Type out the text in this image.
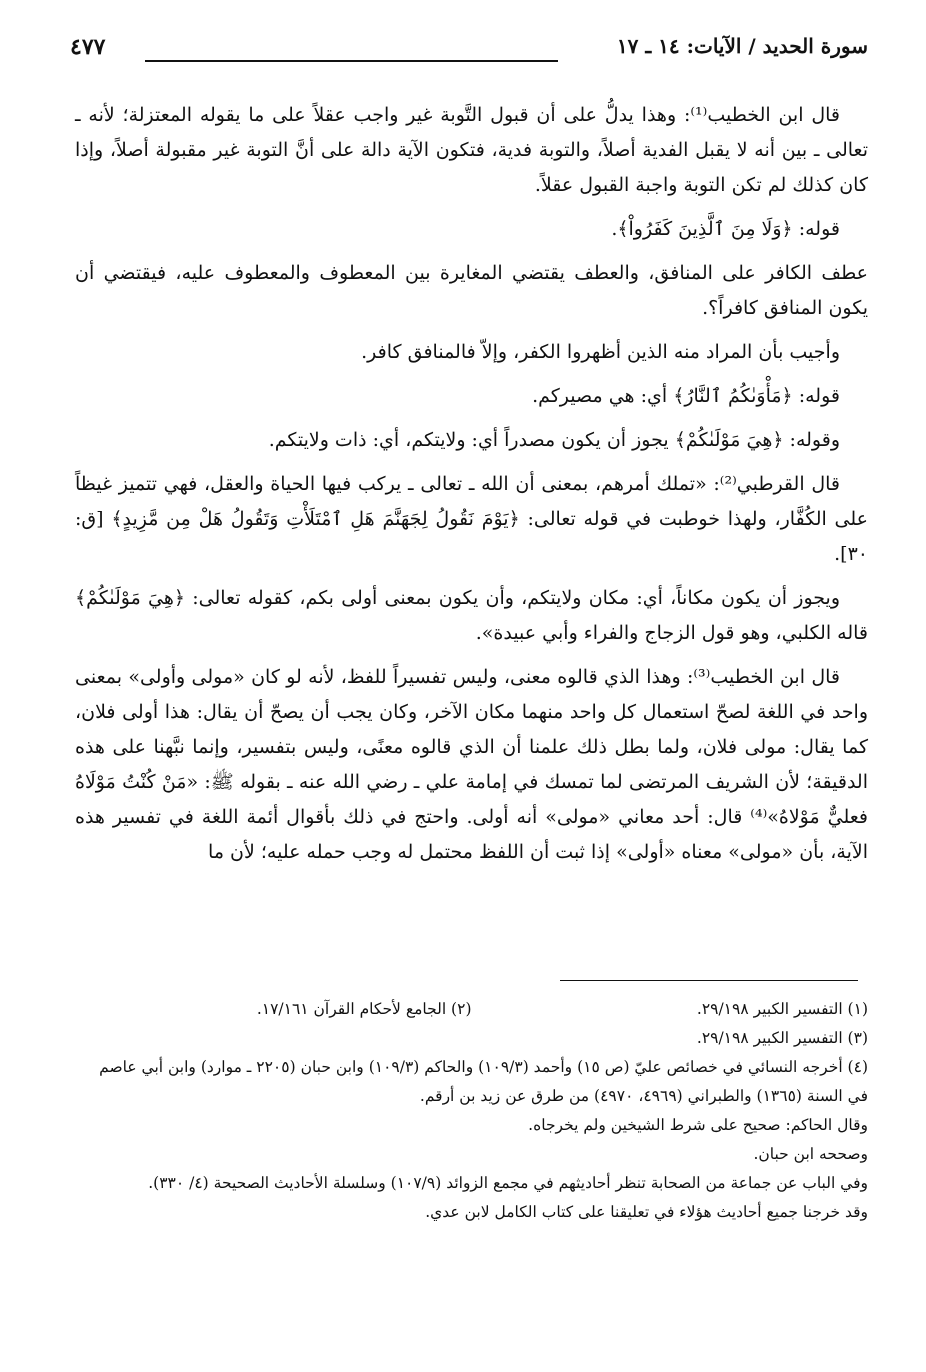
سورة الحديد / الآيات: ١٤ ـ ١٧
٤٧٧

قال ابن الخطيب⁽¹⁾: وهذا يدلُّ على أن قبول التَّوبة غير واجب عقلاً على ما يقوله المعتزلة؛ لأنه ـ تعالى ـ بين أنه لا يقبل الفدية أصلاً، والتوبة فدية، فتكون الآية دالة على أنَّ التوبة غير مقبولة أصلاً، وإذا كان كذلك لم تكن التوبة واجبة القبول عقلاً.

قوله: ﴿وَلَا مِنَ ٱلَّذِينَ كَفَرُواْ﴾.

عطف الكافر على المنافق، والعطف يقتضي المغايرة بين المعطوف والمعطوف عليه، فيقتضي أن يكون المنافق كافراً؟.

وأجيب بأن المراد منه الذين أظهروا الكفر، وإلاّ فالمنافق كافر.

قوله: ﴿مَأْوَىٰكُمُ ٱلنَّارُ﴾ أي: هي مصيركم.

وقوله: ﴿هِيَ مَوْلَىٰكُمْ﴾ يجوز أن يكون مصدراً أي: ولايتكم، أي: ذات ولايتكم.

قال القرطبي⁽²⁾: «تملك أمرهم، بمعنى أن الله ـ تعالى ـ يركب فيها الحياة والعقل، فهي تتميز غيظاً على الكُفَّار، ولهذا خوطبت في قوله تعالى: ﴿يَوْمَ نَقُولُ لِجَهَنَّمَ هَلِ ٱمْتَلَأْتِ وَتَقُولُ هَلْ مِن مَّزِيدٍ﴾ [ق: ٣٠].

ويجوز أن يكون مكاناً، أي: مكان ولايتكم، وأن يكون بمعنى أولى بكم، كقوله تعالى: ﴿هِيَ مَوْلَىٰكُمْ﴾ قاله الكلبي، وهو قول الزجاج والفراء وأبي عبيدة».

قال ابن الخطيب⁽³⁾: وهذا الذي قالوه معنى، وليس تفسيراً للفظ، لأنه لو كان «مولى وأولى» بمعنى واحد في اللغة لصحّ استعمال كل واحد منهما مكان الآخر، وكان يجب أن يصحّ أن يقال: هذا أولى فلان، كما يقال: مولى فلان، ولما بطل ذلك علمنا أن الذي قالوه معنًى، وليس بتفسير، وإنما نبَّهنا على هذه الدقيقة؛ لأن الشريف المرتضى لما تمسك في إمامة علي ـ رضي الله عنه ـ بقوله ﷺ: «مَنْ كُنْتُ مَوْلَاهُ فعليٌّ مَوْلاهُ»⁽⁴⁾ قال: أحد معاني «مولى» أنه أولى. واحتج في ذلك بأقوال أئمة اللغة في تفسير هذه الآية، بأن «مولى» معناه «أولى» إذا ثبت أن اللفظ محتمل له وجب حمله عليه؛ لأن ما

(١) التفسير الكبير ٢٩/١٩٨.
(٢) الجامع لأحكام القرآن ١٧/١٦١.

(٣) التفسير الكبير ٢٩/١٩٨.

(٤) أخرجه النسائي في خصائص عليّ (ص ١٥) وأحمد (١٠٩/٣) والحاكم (١٠٩/٣) وابن حبان (٢٢٠٥ ـ موارد) وابن أبي عاصم في السنة (١٣٦٥) والطبراني (٤٩٦٩، ٤٩٧٠) من طرق عن زيد بن أرقم.

وقال الحاكم: صحيح على شرط الشيخين ولم يخرجاه.

وصححه ابن حبان.

وفي الباب عن جماعة من الصحابة تنظر أحاديثهم في مجمع الزوائد (١٠٧/٩) وسلسلة الأحاديث الصحيحة (٤/ ٣٣٠).

وقد خرجنا جميع أحاديث هؤلاء في تعليقنا على كتاب الكامل لابن عدي.
